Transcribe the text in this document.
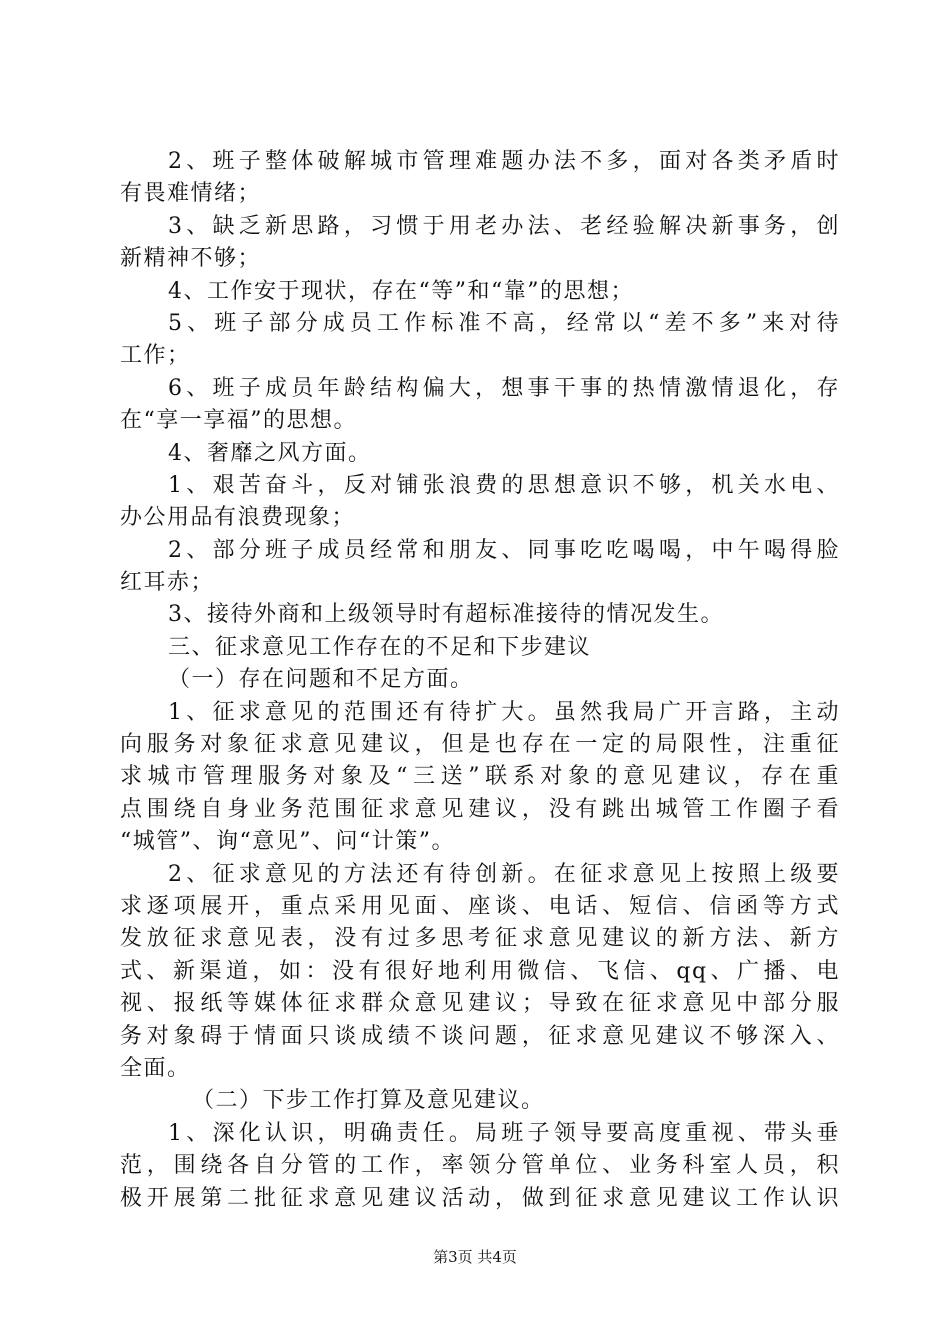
2、班子整体破解城市管理难题办法不多，面对各类矛盾时
有畏难情绪；
3、缺乏新思路，习惯于用老办法、老经验解决新事务，创
新精神不够；
4、工作安于现状，存在“等”和“靠”的思想；
5、班子部分成员工作标准不高，经常以“差不多”来对待
工作；
6、班子成员年龄结构偏大，想事干事的热情激情退化，存
在“享一享福”的思想。
4、奢靡之风方面。
1、艰苦奋斗，反对铺张浪费的思想意识不够，机关水电、
办公用品有浪费现象；
2、部分班子成员经常和朋友、同事吃吃喝喝，中午喝得脸
红耳赤；
3、接待外商和上级领导时有超标准接待的情况发生。
三、征求意见工作存在的不足和下步建议
（一）存在问题和不足方面。
1、征求意见的范围还有待扩大。虽然我局广开言路，主动
向服务对象征求意见建议，但是也存在一定的局限性，注重征
求城市管理服务对象及“三送”联系对象的意见建议，存在重
点围绕自身业务范围征求意见建议，没有跳出城管工作圈子看
“城管”、询“意见”、问“计策”。
2、征求意见的方法还有待创新。在征求意见上按照上级要
求逐项展开，重点采用见面、座谈、电话、短信、信函等方式
发放征求意见表，没有过多思考征求意见建议的新方法、新方
式、新渠道，如：没有很好地利用微信、飞信、qq、广播、电
视、报纸等媒体征求群众意见建议；导致在征求意见中部分服
务对象碍于情面只谈成绩不谈问题，征求意见建议不够深入、
全面。
（二）下步工作打算及意见建议。
1、深化认识，明确责任。局班子领导要高度重视、带头垂
范，围绕各自分管的工作，率领分管单位、业务科室人员，积
极开展第二批征求意见建议活动，做到征求意见建议工作认识
第3页 共4页
